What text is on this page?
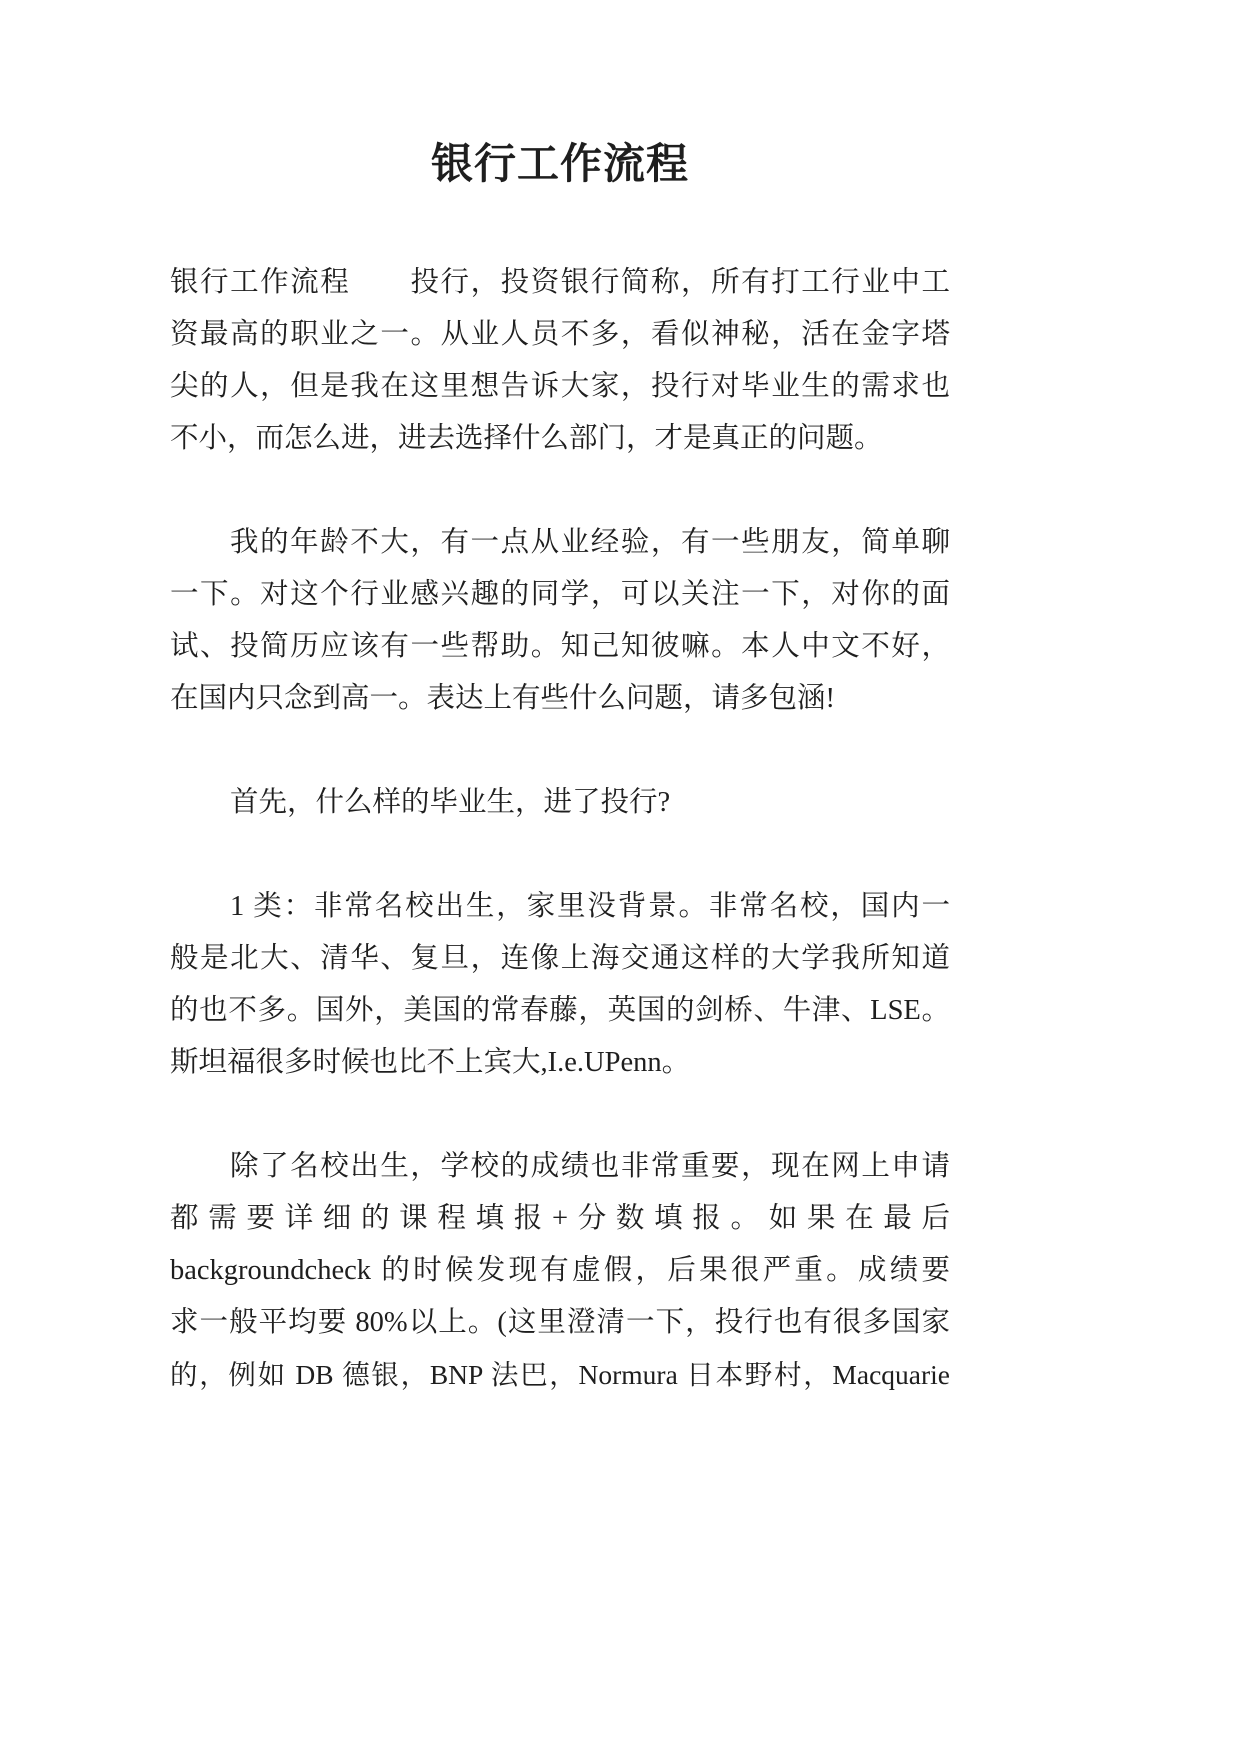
银行工作流程
银行工作流程　　投行，投资银行简称，所有打工行业中工
资最高的职业之一。从业人员不多，看似神秘，活在金字塔
尖的人，但是我在这里想告诉大家，投行对毕业生的需求也
不小，而怎么进，进去选择什么部门，才是真正的问题。
我的年龄不大，有一点从业经验，有一些朋友，简单聊
一下。对这个行业感兴趣的同学，可以关注一下，对你的面
试、投简历应该有一些帮助。知己知彼嘛。本人中文不好，
在国内只念到高一。表达上有些什么问题，请多包涵!
首先，什么样的毕业生，进了投行?
1 类：非常名校出生，家里没背景。非常名校，国内一
般是北大、清华、复旦，连像上海交通这样的大学我所知道
的也不多。国外，美国的常春藤，英国的剑桥、牛津、LSE。
斯坦福很多时候也比不上宾大,I.e.UPenn。
除了名校出生，学校的成绩也非常重要，现在网上申请
都需要详细的课程填报+分数填报。如果在最后
backgroundcheck 的时候发现有虚假，后果很严重。成绩要
求一般平均要 80%以上。(这里澄清一下，投行也有很多国家
的，例如 DB 德银，BNP 法巴，Normura 日本野村，Macquarie
